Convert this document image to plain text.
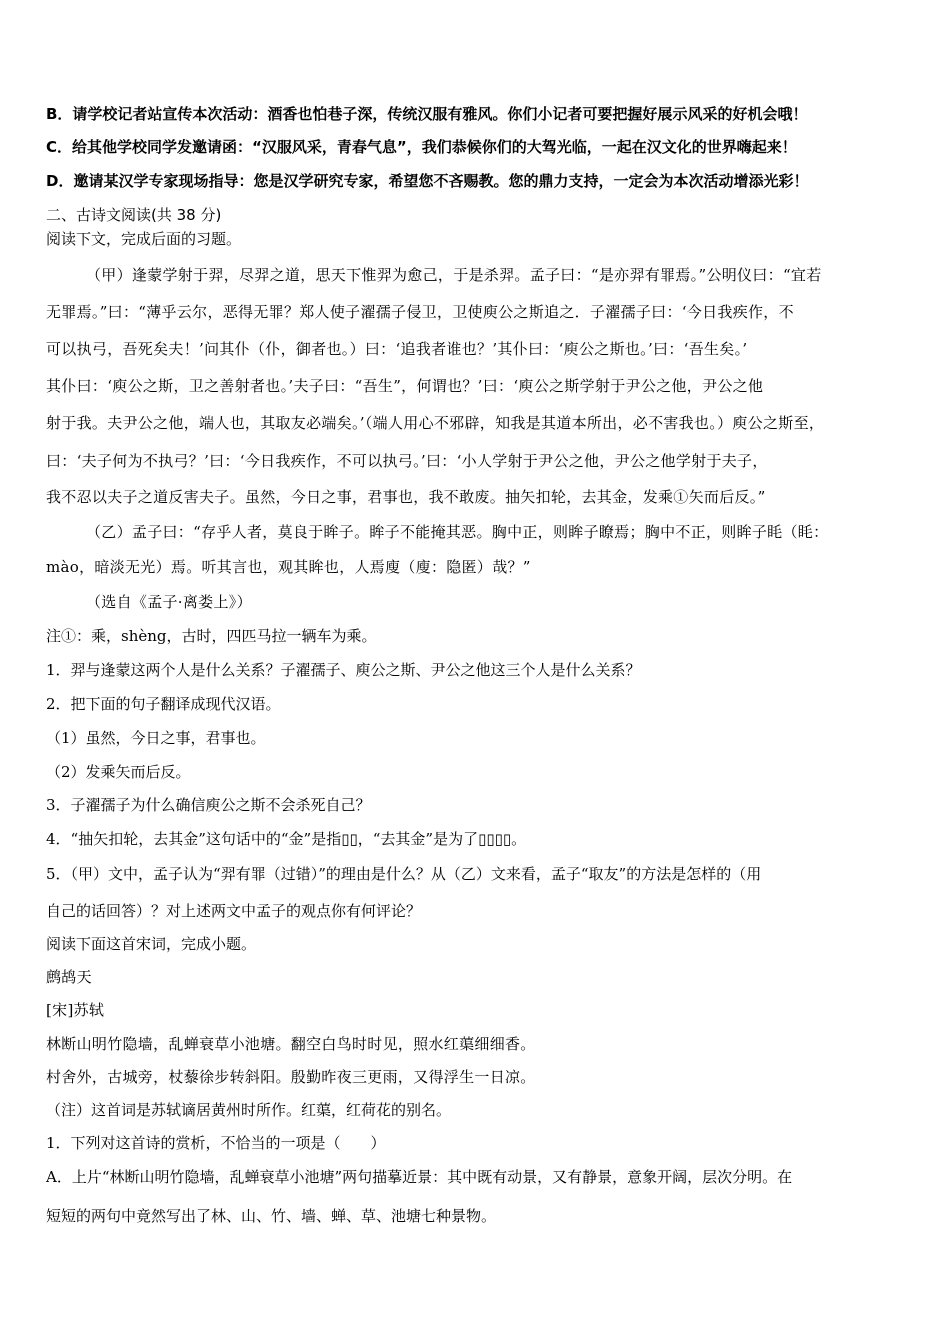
B．请学校记者站宣传本次活动：酒香也怕巷子深，传统汉服有雅风。你们小记者可要把握好展示风采的好机会哦！
C．给其他学校同学发邀请函：“汉服风采，青春气息”，我们恭候你们的大驾光临，一起在汉文化的世界嗨起来！
D．邀请某汉学专家现场指导：您是汉学研究专家，希望您不吝赐教。您的鼎力支持，一定会为本次活动增添光彩！
二、古诗文阅读(共 38 分)
阅读下文，完成后面的习题。
（甲）逢蒙学射于羿，尽羿之道，思天下惟羿为愈己，于是杀羿。孟子曰：“是亦羿有罪焉。”公明仪曰：“宜若
无罪焉。”曰：“薄乎云尔，恶得无罪？郑人使子濯孺子侵卫，卫使庾公之斯追之．子濯孺子曰：‘今日我疾作，不
可以执弓，吾死矣夫！’问其仆（仆，御者也。）曰：‘追我者谁也？’其仆曰：‘庾公之斯也。’曰：‘吾生矣。’
其仆曰：‘庾公之斯，卫之善射者也。’夫子曰：“吾生”，何谓也？’曰：‘庾公之斯学射于尹公之他，尹公之他
射于我。夫尹公之他，端人也，其取友必端矣。’（端人用心不邪辟，知我是其道本所出，必不害我也。）庾公之斯至，
曰：‘夫子何为不执弓？’曰：‘今日我疾作，不可以执弓。’曰：‘小人学射于尹公之他，尹公之他学射于夫子，
我不忍以夫子之道反害夫子。虽然，今日之事，君事也，我不敢废。抽矢扣轮，去其金，发乘①矢而后反。”
（乙）孟子曰：“存乎人者，莫良于眸子。眸子不能掩其恶。胸中正，则眸子瞭焉；胸中不正，则眸子眊（眊：
mào，暗淡无光）焉。听其言也，观其眸也，人焉廋（廋：隐匿）哉？”
（选自《孟子·离娄上》）
注①：乘，shèng，古时，四匹马拉一辆车为乘。
1．羿与逢蒙这两个人是什么关系？子濯孺子、庾公之斯、尹公之他这三个人是什么关系？
2．把下面的句子翻译成现代汉语。
（1）虽然，今日之事，君事也。
（2）发乘矢而后反。
3．子濯孺子为什么确信庾公之斯不会杀死自己？
4．“抽矢扣轮，去其金”这句话中的“金”是指▯▯，“去其金”是为了▯▯▯▯。
5．（甲）文中，孟子认为“羿有罪（过错）”的理由是什么？从（乙）文来看，孟子“取友”的方法是怎样的（用
自己的话回答）？对上述两文中孟子的观点你有何评论？
阅读下面这首宋词，完成小题。
鹧鸪天
[宋]苏轼
林断山明竹隐墙，乱蝉衰草小池塘。翻空白鸟时时见，照水红蕖细细香。
村舍外，古城旁，杖藜徐步转斜阳。殷勤昨夜三更雨，又得浮生一日凉。
（注）这首词是苏轼谪居黄州时所作。红蕖，红荷花的别名。
1．下列对这首诗的赏析，不恰当的一项是（　　）
A．上片“林断山明竹隐墙，乱蝉衰草小池塘”两句描摹近景：其中既有动景，又有静景，意象开阔，层次分明。在
短短的两句中竟然写出了林、山、竹、墙、蝉、草、池塘七种景物。
